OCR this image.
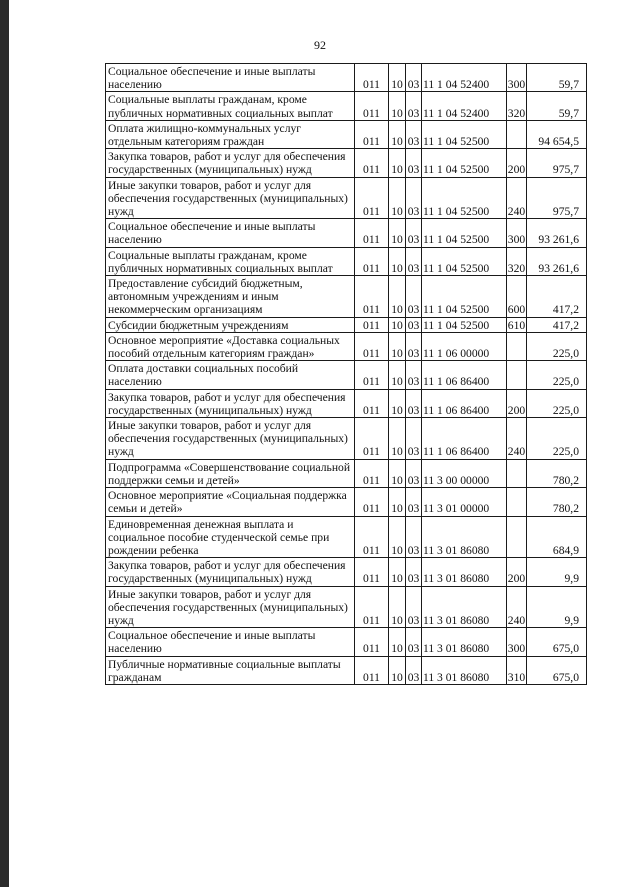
92
Социальное обеспечение и иные выплаты населению	011	10	03	11 1 04 52400	300	59,7
Социальные выплаты гражданам, кроме публичных нормативных социальных выплат	011	10	03	11 1 04 52400	320	59,7
Оплата жилищно-коммунальных услуг отдельным категориям граждан	011	10	03	11 1 04 52500		94 654,5
Закупка товаров, работ и услуг для обеспечения государственных (муниципальных) нужд	011	10	03	11 1 04 52500	200	975,7
Иные закупки товаров, работ и услуг для обеспечения государственных (муниципальных) нужд	011	10	03	11 1 04 52500	240	975,7
Социальное обеспечение и иные выплаты населению	011	10	03	11 1 04 52500	300	93 261,6
Социальные выплаты гражданам, кроме публичных нормативных социальных выплат	011	10	03	11 1 04 52500	320	93 261,6
Предоставление субсидий бюджетным, автономным учреждениям и иным некоммерческим организациям	011	10	03	11 1 04 52500	600	417,2
Субсидии бюджетным учреждениям	011	10	03	11 1 04 52500	610	417,2
Основное мероприятие «Доставка социальных пособий отдельным категориям граждан»	011	10	03	11 1 06 00000		225,0
Оплата доставки социальных пособий населению	011	10	03	11 1 06 86400		225,0
Закупка товаров, работ и услуг для обеспечения государственных (муниципальных) нужд	011	10	03	11 1 06 86400	200	225,0
Иные закупки товаров, работ и услуг для обеспечения государственных (муниципальных) нужд	011	10	03	11 1 06 86400	240	225,0
Подпрограмма «Совершенствование социальной поддержки семьи и детей»	011	10	03	11 3 00 00000		780,2
Основное мероприятие «Социальная поддержка семьи и детей»	011	10	03	11 3 01 00000		780,2
Единовременная денежная выплата и социальное пособие студенческой семье при рождении ребенка	011	10	03	11 3 01 86080		684,9
Закупка товаров, работ и услуг для обеспечения государственных (муниципальных) нужд	011	10	03	11 3 01 86080	200	9,9
Иные закупки товаров, работ и услуг для обеспечения государственных (муниципальных) нужд	011	10	03	11 3 01 86080	240	9,9
Социальное обеспечение и иные выплаты населению	011	10	03	11 3 01 86080	300	675,0
Публичные нормативные социальные выплаты гражданам	011	10	03	11 3 01 86080	310	675,0
